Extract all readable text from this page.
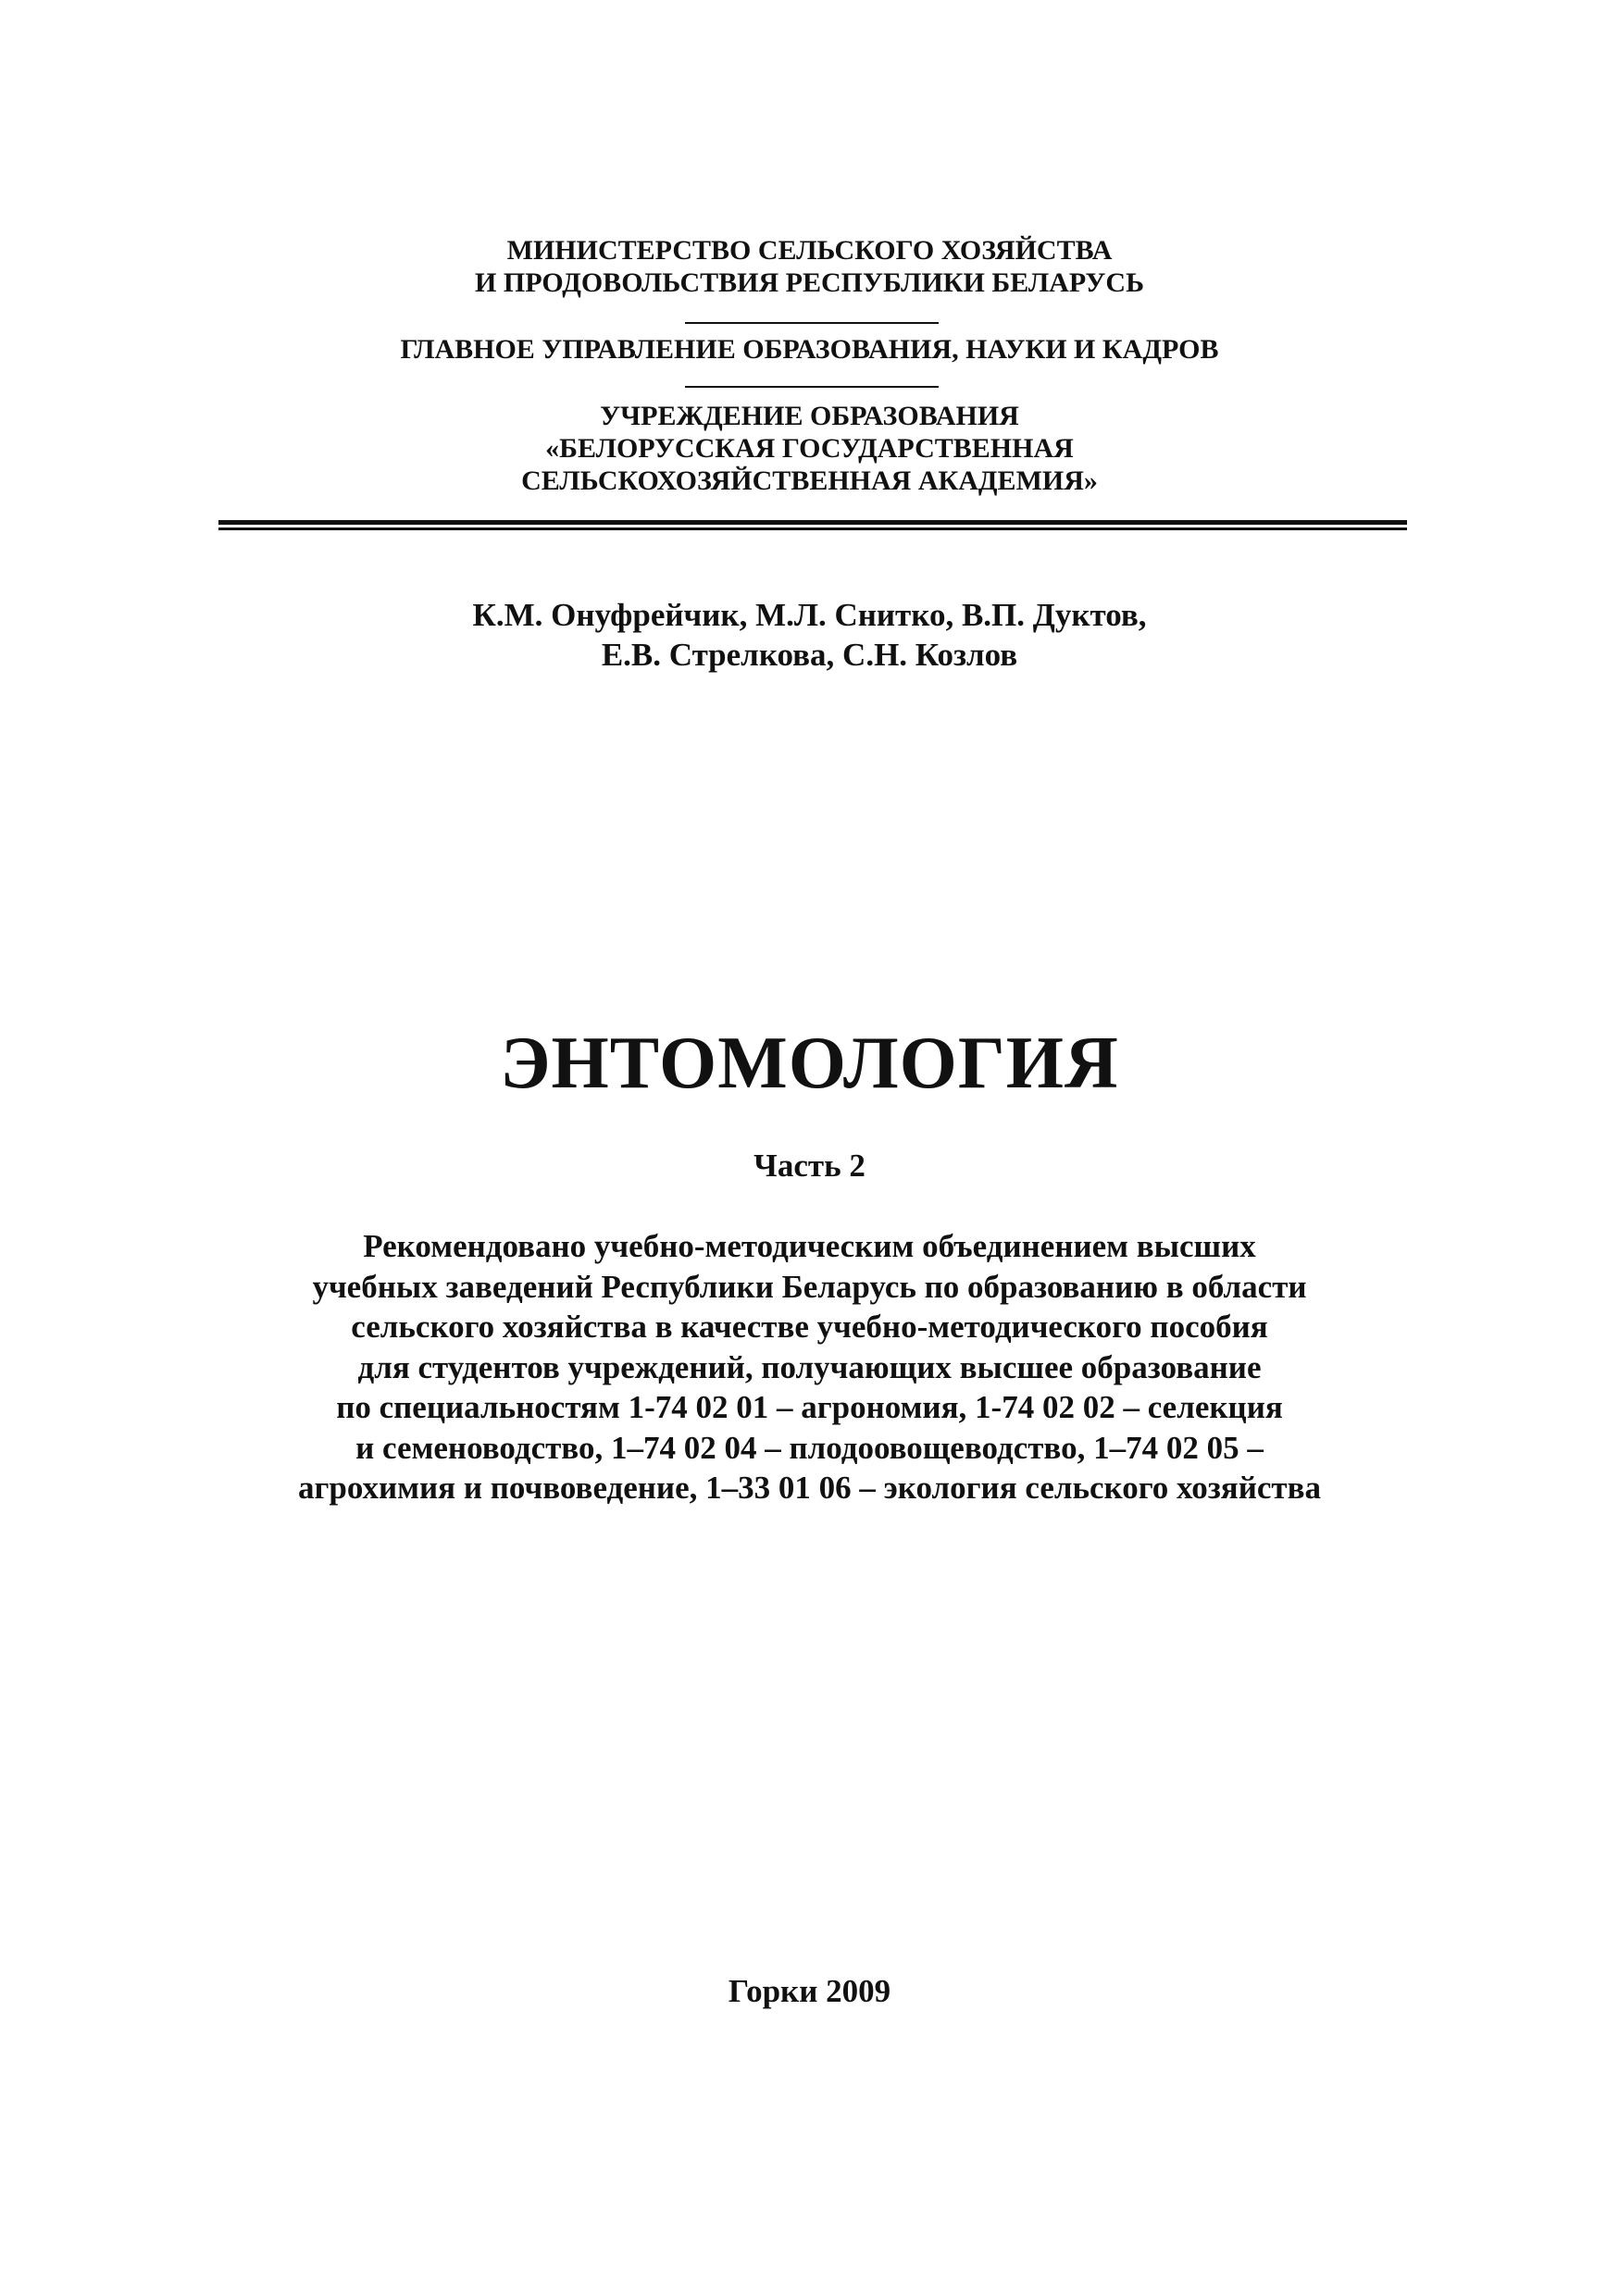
МИНИСТЕРСТВО СЕЛЬСКОГО ХОЗЯЙСТВА
И ПРОДОВОЛЬСТВИЯ РЕСПУБЛИКИ БЕЛАРУСЬ
ГЛАВНОЕ УПРАВЛЕНИЕ ОБРАЗОВАНИЯ, НАУКИ И КАДРОВ
УЧРЕЖДЕНИЕ ОБРАЗОВАНИЯ
«БЕЛОРУССКАЯ ГОСУДАРСТВЕННАЯ
СЕЛЬСКОХОЗЯЙСТВЕННАЯ АКАДЕМИЯ»
К.М. Онуфрейчик, М.Л. Снитко, В.П. Дуктов,
Е.В. Стрелкова, С.Н. Козлов
ЭНТОМОЛОГИЯ
Часть 2
Рекомендовано учебно-методическим объединением высших
учебных заведений Республики Беларусь по образованию в области
сельского хозяйства в качестве учебно-методического пособия
для студентов учреждений, получающих высшее образование
по специальностям 1-74 02 01 – агрономия, 1-74 02 02 – селекция
и семеноводство, 1–74 02 04 – плодоовощеводство, 1–74 02 05 –
агрохимия и почвоведение, 1–33 01 06 – экология сельского хозяйства
Горки 2009
